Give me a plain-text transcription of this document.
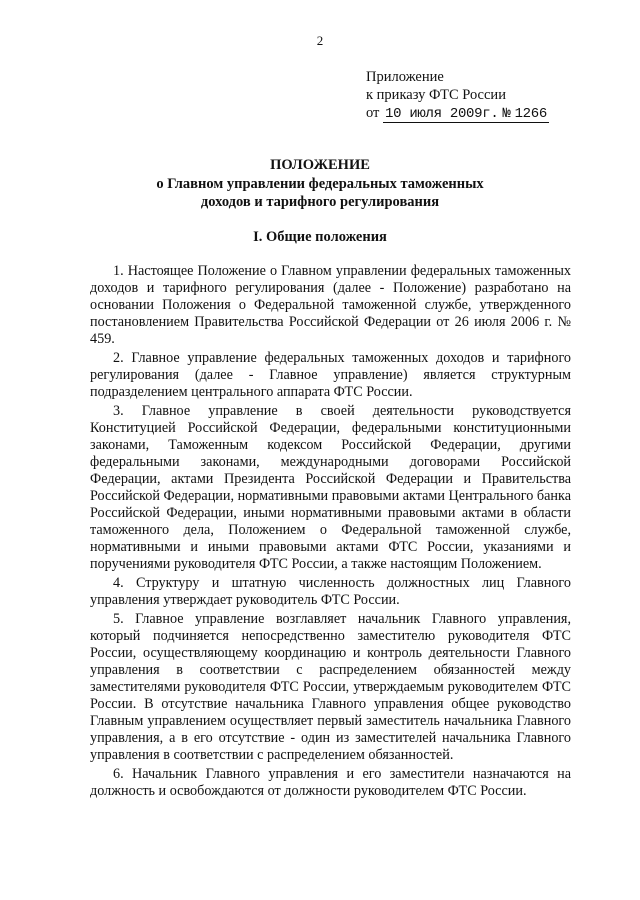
2
Приложение
к приказу ФТС России
от 10 июля 2009г. № 1266
ПОЛОЖЕНИЕ
о Главном управлении федеральных таможенных
доходов и тарифного регулирования
I. Общие положения

1. Настоящее Положение о Главном управлении федеральных таможенных доходов и тарифного регулирования (далее - Положение) разработано на основании Положения о Федеральной таможенной службе, утвержденного постановлением Правительства Российской Федерации от 26 июля 2006 г. № 459.

2. Главное управление федеральных таможенных доходов и тарифного регулирования (далее - Главное управление) является структурным подразделением центрального аппарата ФТС России.

3. Главное управление в своей деятельности руководствуется Конституцией Российской Федерации, федеральными конституционными законами, Таможенным кодексом Российской Федерации, другими федеральными законами, международными договорами Российской Федерации, актами Президента Российской Федерации и Правительства Российской Федерации, нормативными правовыми актами Центрального банка Российской Федерации, иными нормативными правовыми актами в области таможенного дела, Положением о Федеральной таможенной службе, нормативными и иными правовыми актами ФТС России, указаниями и поручениями руководителя ФТС России, а также настоящим Положением.

4. Структуру и штатную численность должностных лиц Главного управления утверждает руководитель ФТС России.

5. Главное управление возглавляет начальник Главного управления, который подчиняется непосредственно заместителю руководителя ФТС России, осуществляющему координацию и контроль деятельности Главного управления в соответствии с распределением обязанностей между заместителями руководителя ФТС России, утверждаемым руководителем ФТС России. В отсутствие начальника Главного управления общее руководство Главным управлением осуществляет первый заместитель начальника Главного управления, а в его отсутствие - один из заместителей начальника Главного управления в соответствии с распределением обязанностей.

6. Начальник Главного управления и его заместители назначаются на должность и освобождаются от должности руководителем ФТС России.
